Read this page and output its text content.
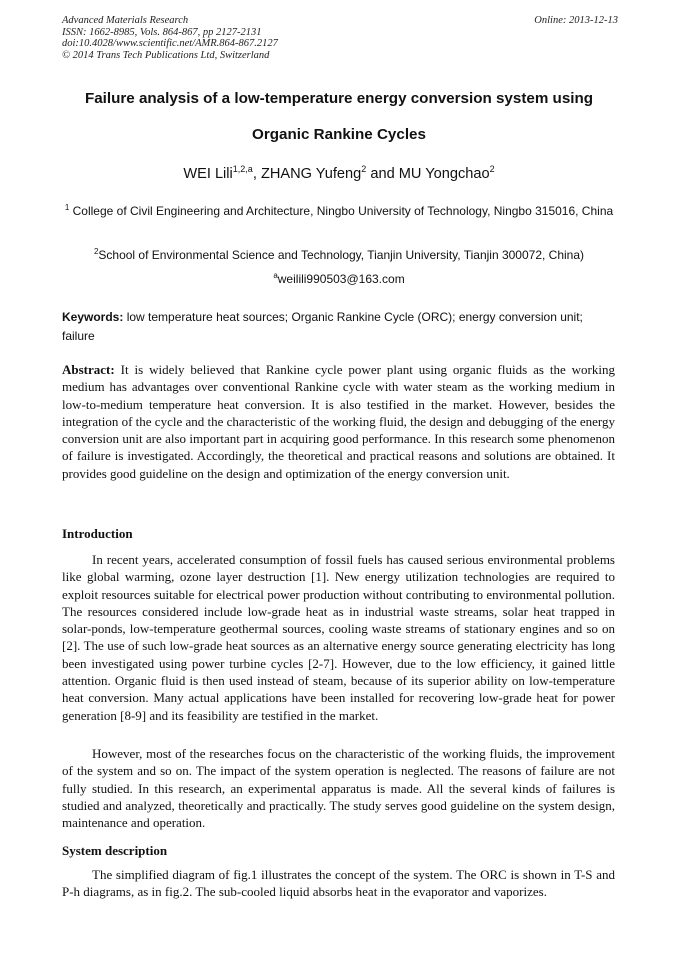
Advanced Materials Research
ISSN: 1662-8985, Vols. 864-867, pp 2127-2131
doi:10.4028/www.scientific.net/AMR.864-867.2127
© 2014 Trans Tech Publications Ltd, Switzerland
Online: 2013-12-13
Failure analysis of a low-temperature energy conversion system using
Organic Rankine Cycles
WEI Lili$^{1,2,a}$, ZHANG Yufeng$^2$ and MU Yongchao$^2$
$^1$ College of Civil Engineering and Architecture, Ningbo University of Technology, Ningbo 315016, China
$^2$School of Environmental Science and Technology, Tianjin University, Tianjin 300072, China)
$^a$weilili990503@163.com
Keywords: low temperature heat sources; Organic Rankine Cycle (ORC); energy conversion unit; failure

Abstract: It is widely believed that Rankine cycle power plant using organic fluids as the working medium has advantages over conventional Rankine cycle with water steam as the working medium in low-to-medium temperature heat conversion. It is also testified in the market. However, besides the integration of the cycle and the characteristic of the working fluid, the design and debugging of the energy conversion unit are also important part in acquiring good performance. In this research some phenomenon of failure is investigated. Accordingly, the theoretical and practical reasons and solutions are obtained. It provides good guideline on the design and optimization of the energy conversion unit.

Introduction

In recent years, accelerated consumption of fossil fuels has caused serious environmental problems like global warming, ozone layer destruction [1]. New energy utilization technologies are required to exploit resources suitable for electrical power production without contributing to environmental pollution. The resources considered include low-grade heat as in industrial waste streams, solar heat trapped in solar-ponds, low-temperature geothermal sources, cooling waste streams of stationary engines and so on [2]. The use of such low-grade heat sources as an alternative energy source generating electricity has long been investigated using power turbine cycles [2-7]. However, due to the low efficiency, it gained little attention. Organic fluid is then used instead of steam, because of its superior ability on low-temperature heat conversion. Many actual applications have been installed for recovering low-grade heat for power generation [8-9] and its feasibility are testified in the market.

However, most of the researches focus on the characteristic of the working fluids, the improvement of the system and so on. The impact of the system operation is neglected. The reasons of failure are not fully studied. In this research, an experimental apparatus is made. All the several kinds of failures is studied and analyzed, theoretically and practically. The study serves good guideline on the system design, maintenance and operation.

System description

The simplified diagram of fig.1 illustrates the concept of the system. The ORC is shown in T-S and P-h diagrams, as in fig.2. The sub-cooled liquid absorbs heat in the evaporator and vaporizes.
